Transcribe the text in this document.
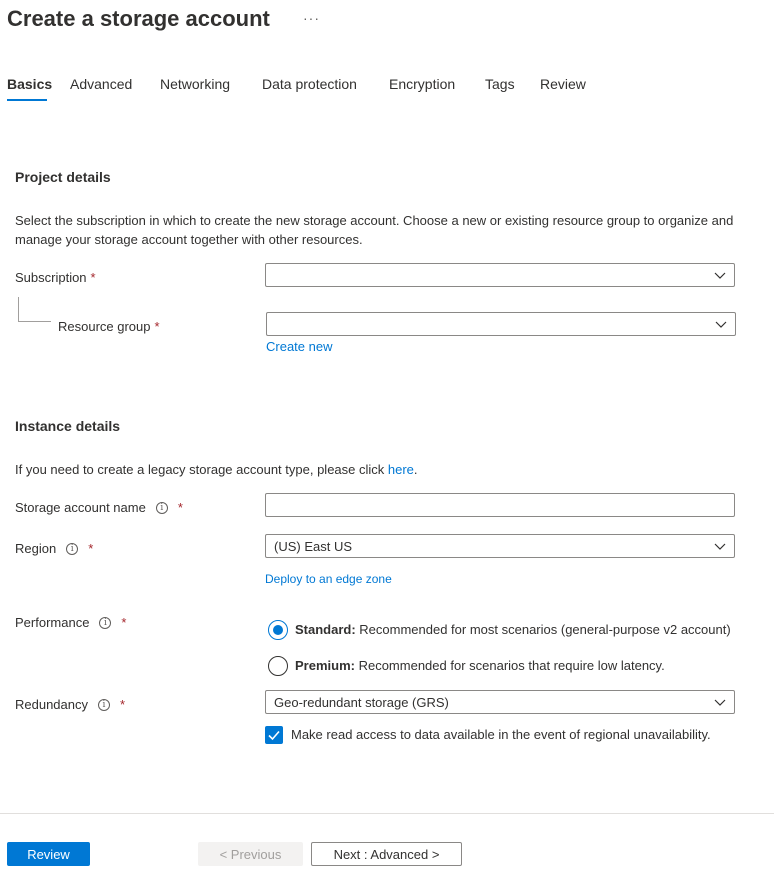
Create a storage account ···
Basics Advanced Networking Data protection Encryption Tags Review
Project details
Select the subscription in which to create the new storage account. Choose a new or existing resource group to organize and manage your storage account together with other resources.
Subscription *
Resource group *
Create new
Instance details
If you need to create a legacy storage account type, please click here.
Storage account name	i	*
Region	i	*	(US) East US
Deploy to an edge zone
Performance	i	*	Standard: Recommended for most scenarios (general-purpose v2 account)
Premium: Recommended for scenarios that require low latency.
Redundancy	i	*	Geo-redundant storage (GRS)
Make read access to data available in the event of regional unavailability.
Review	< Previous	Next : Advanced >
